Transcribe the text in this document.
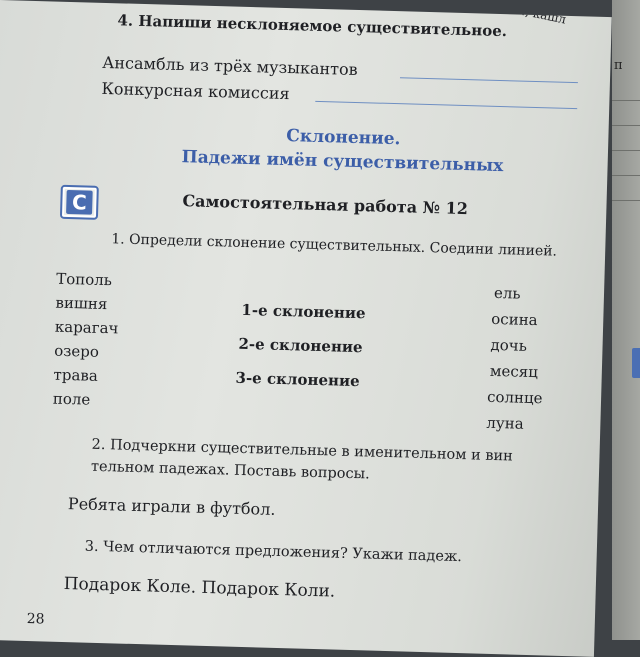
н.., кашл
4. Напиши несклоняемое существительное.
Ансамбль из трёх музыкантов
Конкурсная комиссия
Склонение.
Падежи имён существительных
С	Самостоятельная работа № 12
1. Определи склонение существительных. Соедини линией.
Тополь
вишня
карагач
озеро
трава
поле
1-е склонение
2-е склонение
3-е склонение
ель
осина
дочь
месяц
солнце
луна
2. Подчеркни существительные в именительном и вин
тельном падежах. Поставь вопросы.
Ребята играли в футбол.
3. Чем отличаются предложения? Укажи падеж.
Подарок Коле. Подарок Коли.
28
п
